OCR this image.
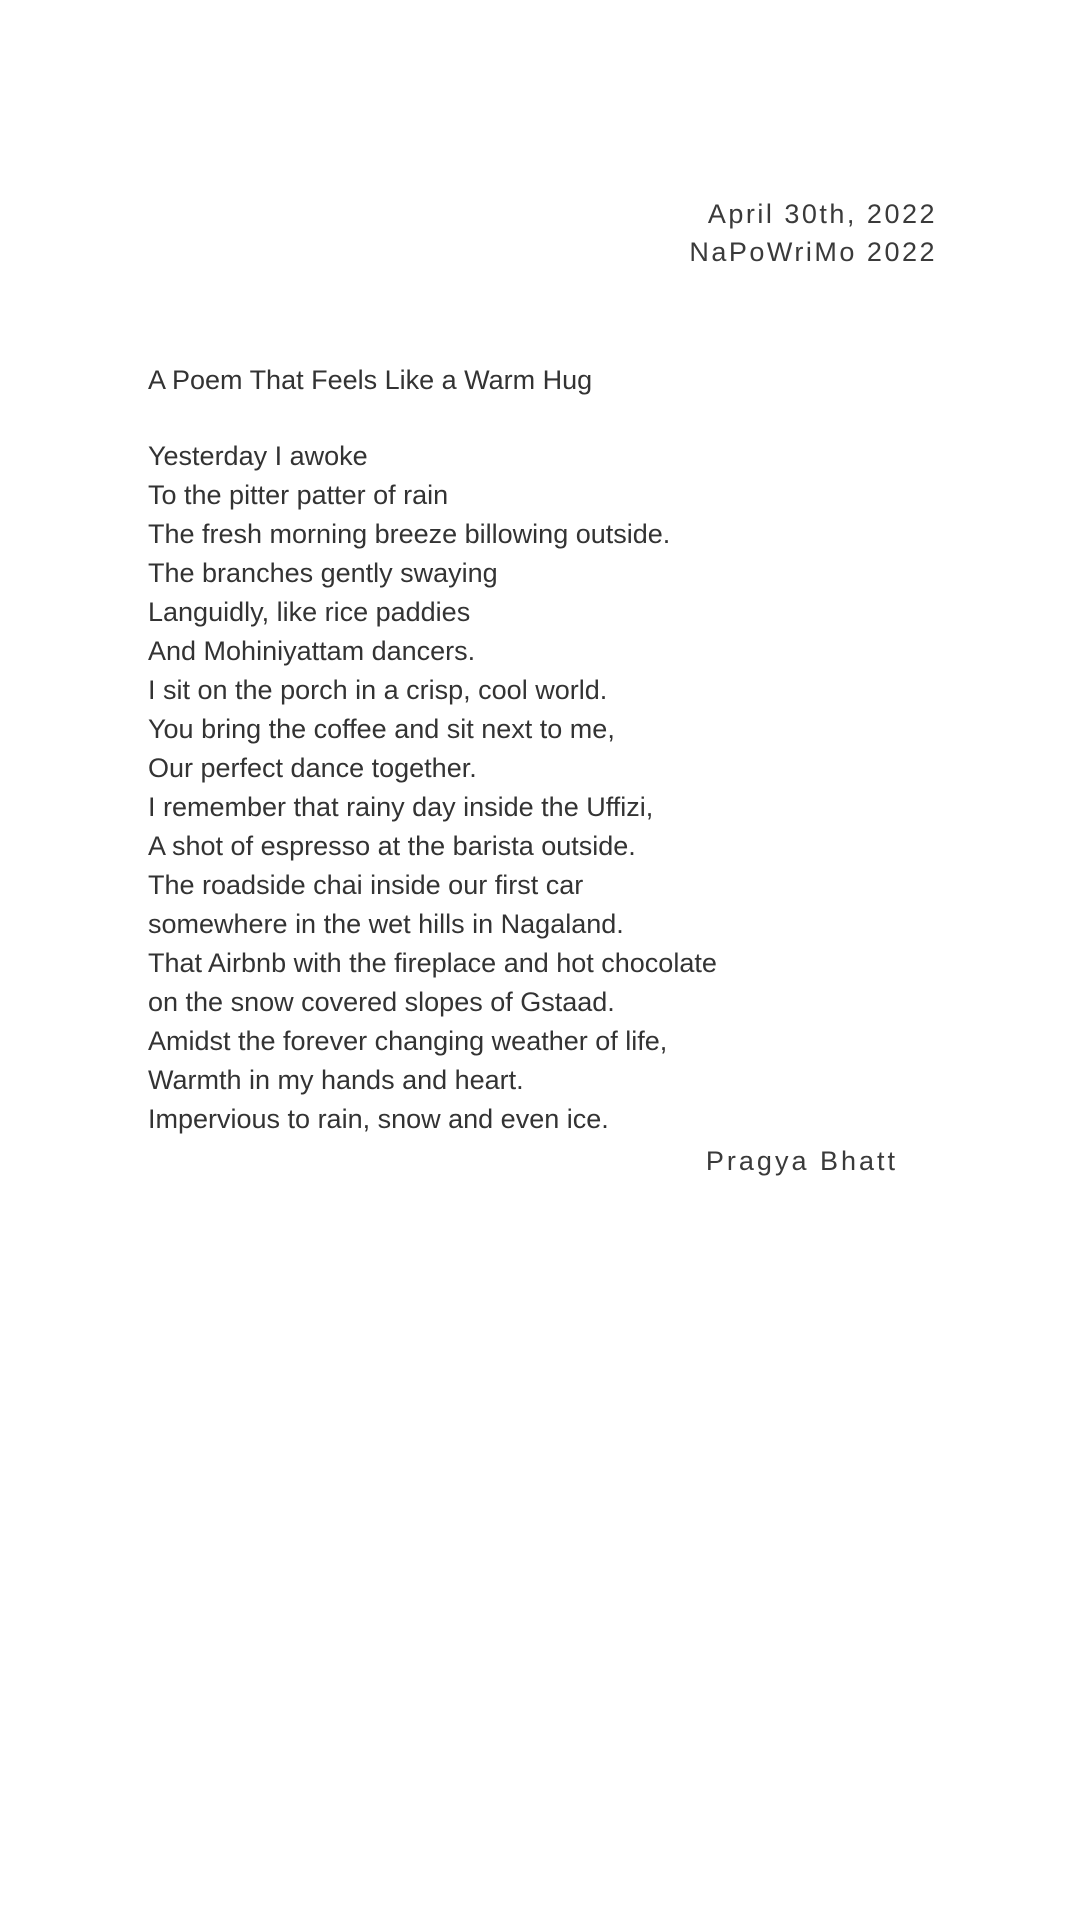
April 30th, 2022
NaPoWriMo 2022
A Poem That Feels Like a Warm Hug
Yesterday I awoke
To the pitter patter of rain
The fresh morning breeze billowing outside.
The branches gently swaying
Languidly, like rice paddies
And Mohiniyattam dancers.
I sit on the porch in a crisp, cool world.
You bring the coffee and sit next to me,
Our perfect dance together.
I remember that rainy day inside the Uffizi,
A shot of espresso at the barista outside.
The roadside chai inside our first car
somewhere in the wet hills in Nagaland.
That Airbnb with the fireplace and hot chocolate
on the snow covered slopes of Gstaad.
Amidst the forever changing weather of life,
Warmth in my hands and heart.
Impervious to rain, snow and even ice.
Pragya Bhatt
